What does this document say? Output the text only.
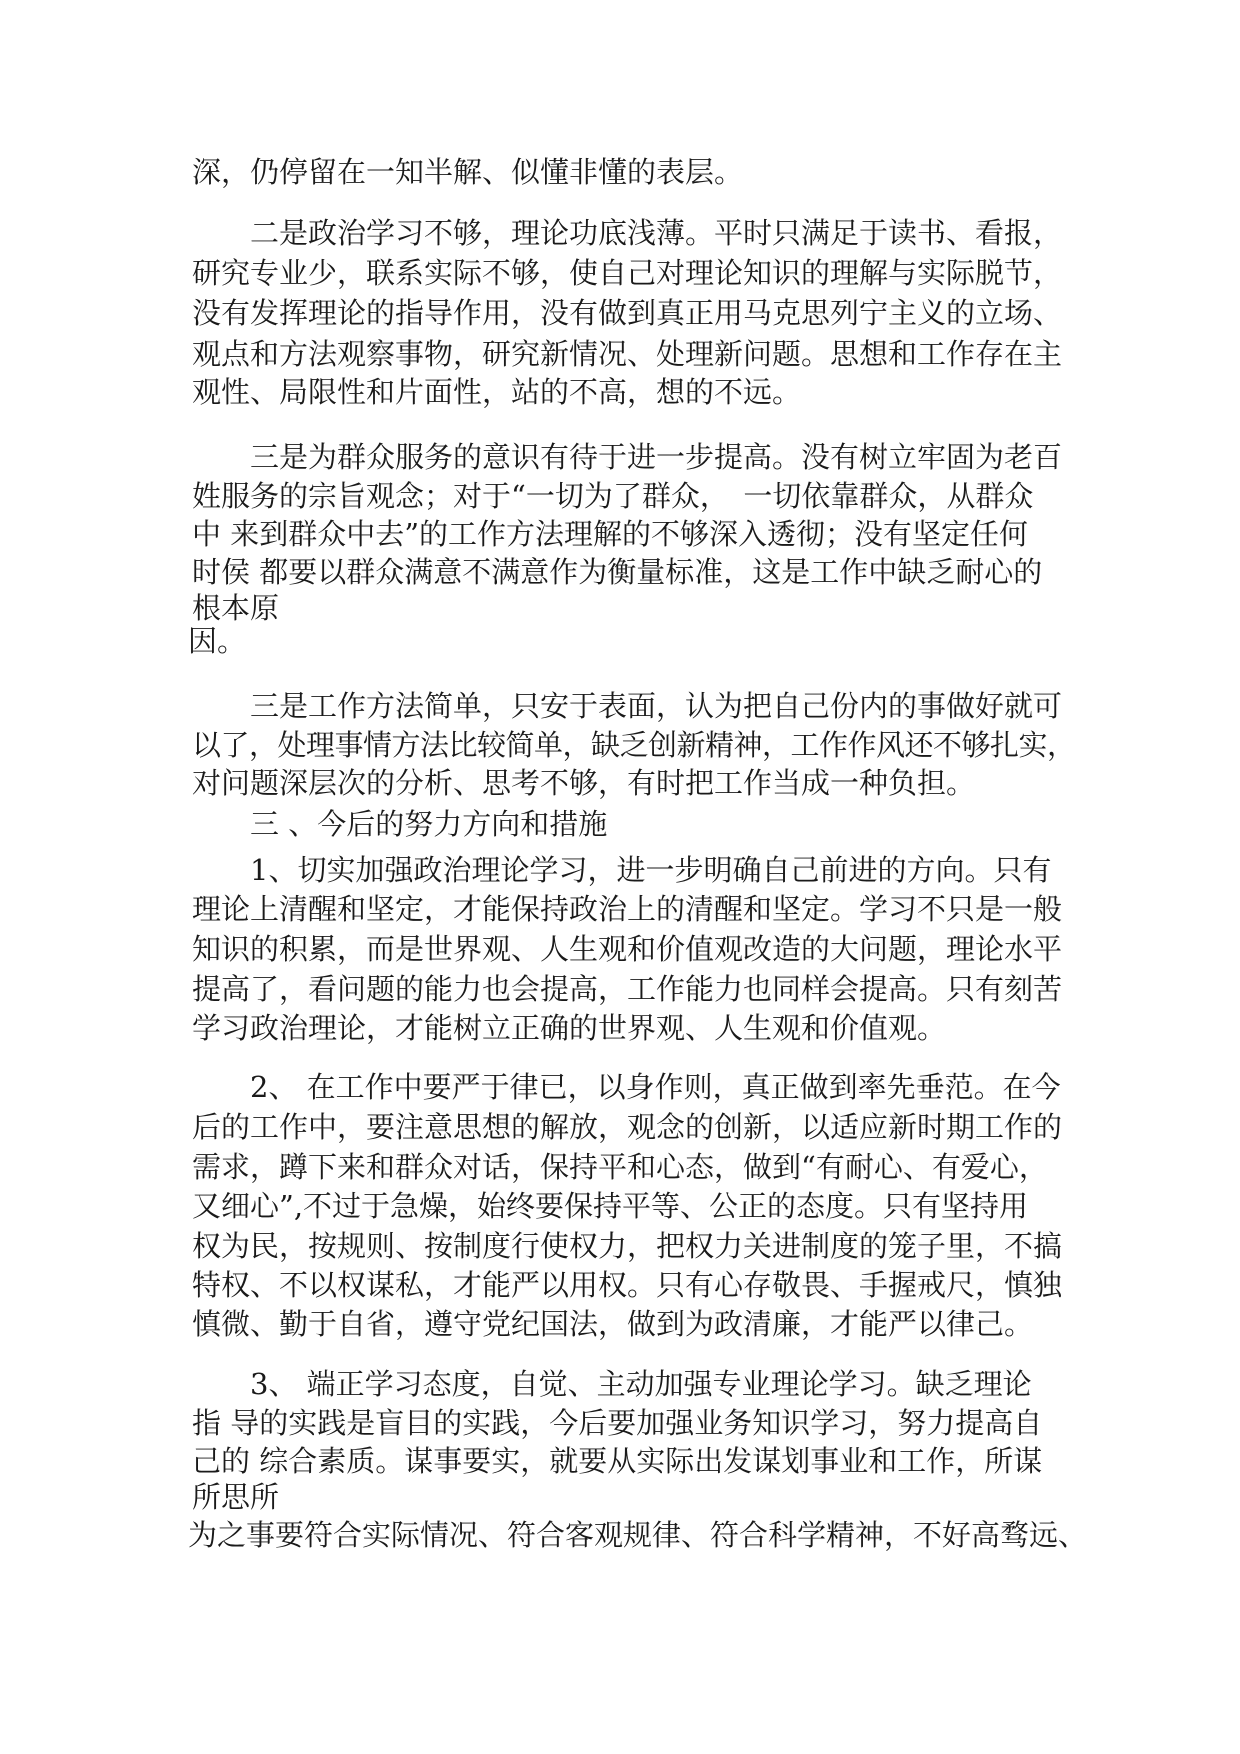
深，仍停留在一知半解、似懂非懂的表层。

二是政治学习不够，理论功底浅薄。平时只满足于读书、看报，

研究专业少，联系实际不够，使自己对理论知识的理解与实际脱节，

没有发挥理论的指导作用，没有做到真正用马克思列宁主义的立场、

观点和方法观察事物，研究新情况、处理新问题。思想和工作存在主

观性、局限性和片面性，站的不高，想的不远。

三是为群众服务的意识有待于进一步提高。没有树立牢固为老百

姓服务的宗旨观念；对于“一切为了群众，　一切依靠群众，从群众

中 来到群众中去”的工作方法理解的不够深入透彻；没有坚定任何

时侯 都要以群众满意不满意作为衡量标准，这是工作中缺乏耐心的

根本原

因。

三是工作方法简单，只安于表面，认为把自己份内的事做好就可

以了，处理事情方法比较简单，缺乏创新精神，工作作风还不够扎实，

对问题深层次的分析、思考不够，有时把工作当成一种负担。

三 、今后的努力方向和措施

1、切实加强政治理论学习，进一步明确自己前进的方向。只有

理论上清醒和坚定，才能保持政治上的清醒和坚定。学习不只是一般

知识的积累，而是世界观、人生观和价值观改造的大问题，理论水平

提高了，看问题的能力也会提高，工作能力也同样会提高。只有刻苦

学习政治理论，才能树立正确的世界观、人生观和价值观。

2、 在工作中要严于律已，以身作则，真正做到率先垂范。在今

后的工作中，要注意思想的解放，观念的创新，以适应新时期工作的

需求，蹲下来和群众对话，保持平和心态，做到“有耐心、有爱心，

又细心”,不过于急燥，始终要保持平等、公正的态度。只有坚持用

权为民，按规则、按制度行使权力，把权力关进制度的笼子里，不搞

特权、不以权谋私，才能严以用权。只有心存敬畏、手握戒尺，慎独

慎微、勤于自省，遵守党纪国法，做到为政清廉，才能严以律己。

3、 端正学习态度，自觉、主动加强专业理论学习。缺乏理论

指 导的实践是盲目的实践，今后要加强业务知识学习，努力提高自

己的 综合素质。谋事要实，就要从实际出发谋划事业和工作，所谋

所思所

为之事要符合实际情况、符合客观规律、符合科学精神，不好高骛远、
